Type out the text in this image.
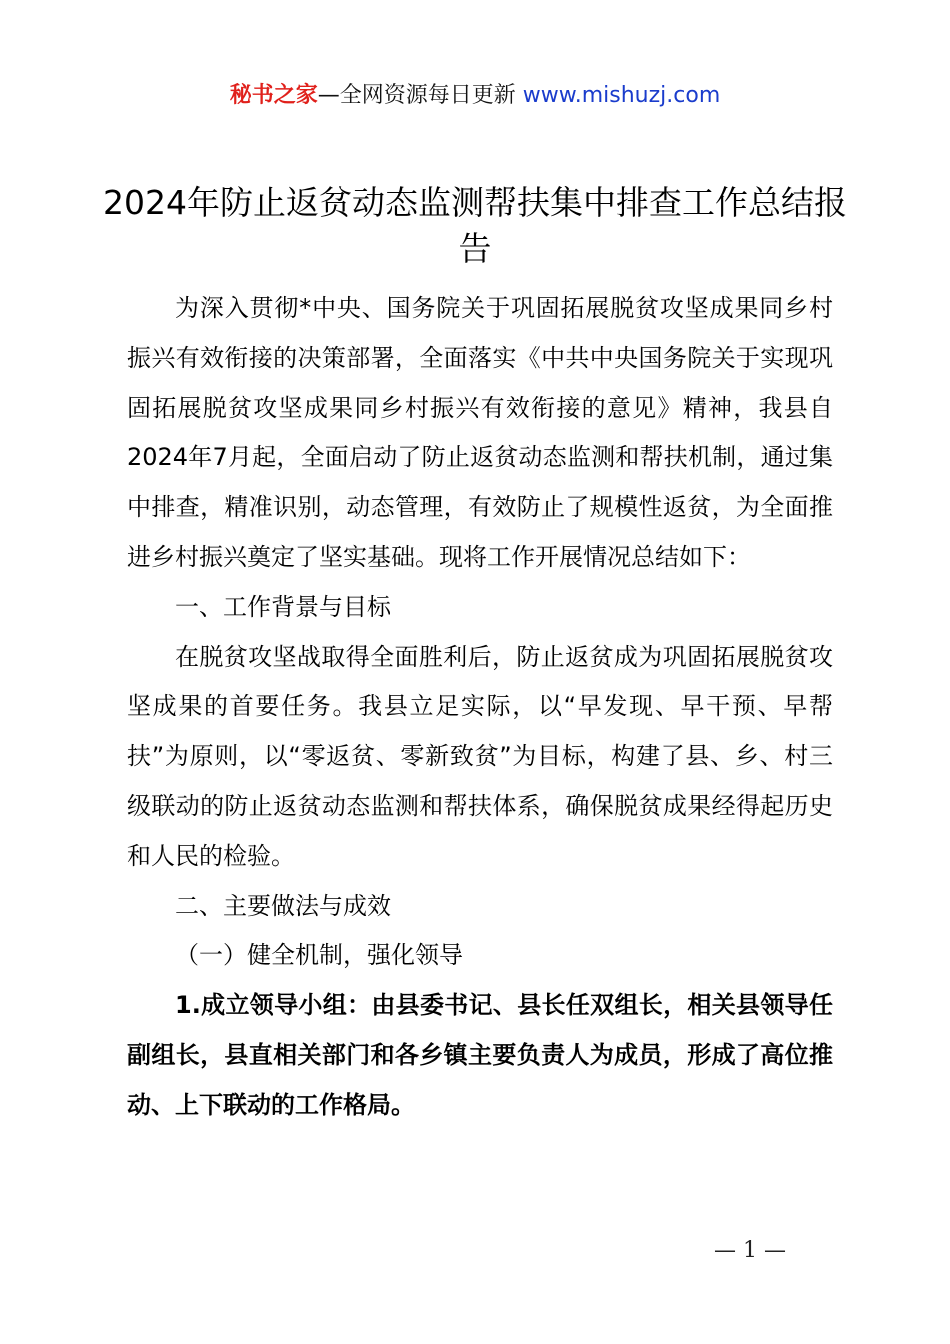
秘书之家—全网资源每日更新 www.mishuzj.com
2024年防止返贫动态监测帮扶集中排查工作总结报告

为深入贯彻*中央、国务院关于巩固拓展脱贫攻坚成果同乡村振兴有效衔接的决策部署，全面落实《中共中央国务院关于实现巩固拓展脱贫攻坚成果同乡村振兴有效衔接的意见》精神，我县自2024年7月起，全面启动了防止返贫动态监测和帮扶机制，通过集中排查，精准识别，动态管理，有效防止了规模性返贫，为全面推进乡村振兴奠定了坚实基础。现将工作开展情况总结如下：

一、工作背景与目标

在脱贫攻坚战取得全面胜利后，防止返贫成为巩固拓展脱贫攻坚成果的首要任务。我县立足实际，以“早发现、早干预、早帮扶”为原则，以“零返贫、零新致贫”为目标，构建了县、乡、村三级联动的防止返贫动态监测和帮扶体系，确保脱贫成果经得起历史和人民的检验。

二、主要做法与成效

（一）健全机制，强化领导

1.成立领导小组：由县委书记、县长任双组长，相关县领导任副组长，县直相关部门和各乡镇主要负责人为成员，形成了高位推动、上下联动的工作格局。

— 1 —
